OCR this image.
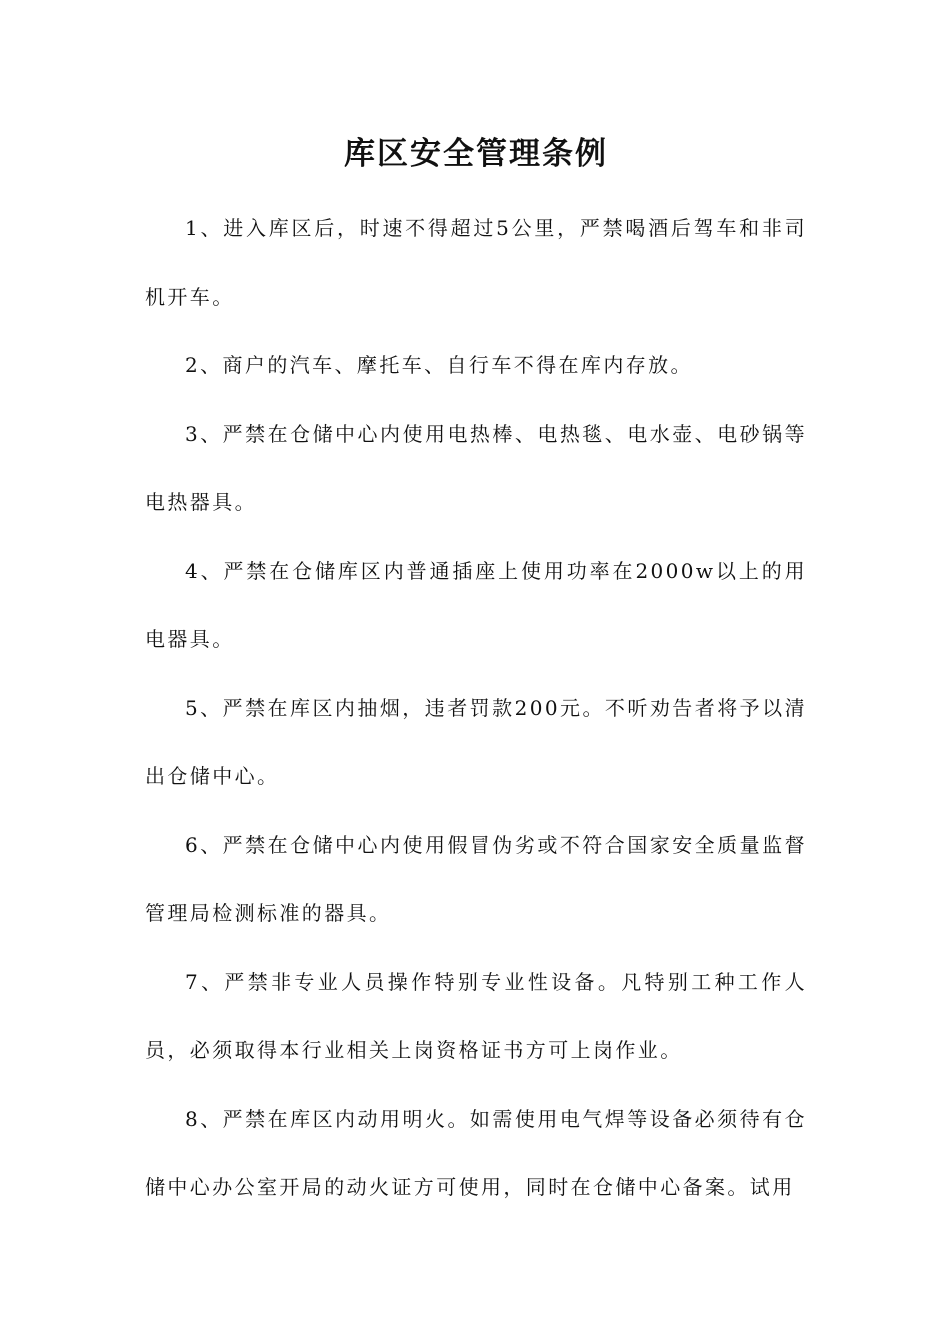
库区安全管理条例

1、进入库区后，时速不得超过5公里，严禁喝酒后驾车和非司机开车。

2、商户的汽车、摩托车、自行车不得在库内存放。

3、严禁在仓储中心内使用电热棒、电热毯、电水壶、电砂锅等电热器具。

4、严禁在仓储库区内普通插座上使用功率在2000w以上的用电器具。

5、严禁在库区内抽烟，违者罚款200元。不听劝告者将予以清出仓储中心。

6、严禁在仓储中心内使用假冒伪劣或不符合国家安全质量监督管理局检测标准的器具。

7、严禁非专业人员操作特别专业性设备。凡特别工种工作人员，必须取得本行业相关上岗资格证书方可上岗作业。

8、严禁在库区内动用明火。如需使用电气焊等设备必须待有仓储中心办公室开局的动火证方可使用，同时在仓储中心备案。试用
